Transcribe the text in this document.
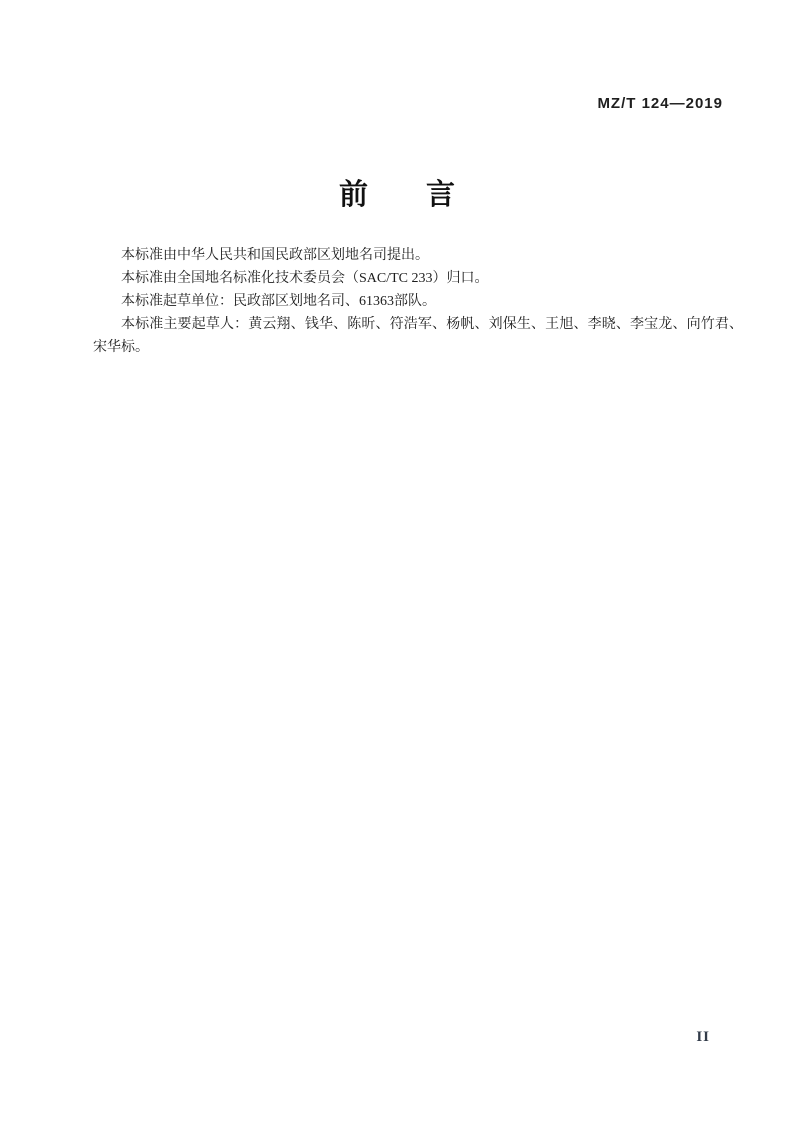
MZ/T 124—2019
前　　言

本标准由中华人民共和国民政部区划地名司提出。

本标准由全国地名标准化技术委员会（SAC/TC 233）归口。

本标准起草单位：民政部区划地名司、61363部队。

本标准主要起草人：黄云翔、钱华、陈昕、符浩军、杨帆、刘保生、王旭、李晓、李宝龙、向竹君、宋华标。

II
